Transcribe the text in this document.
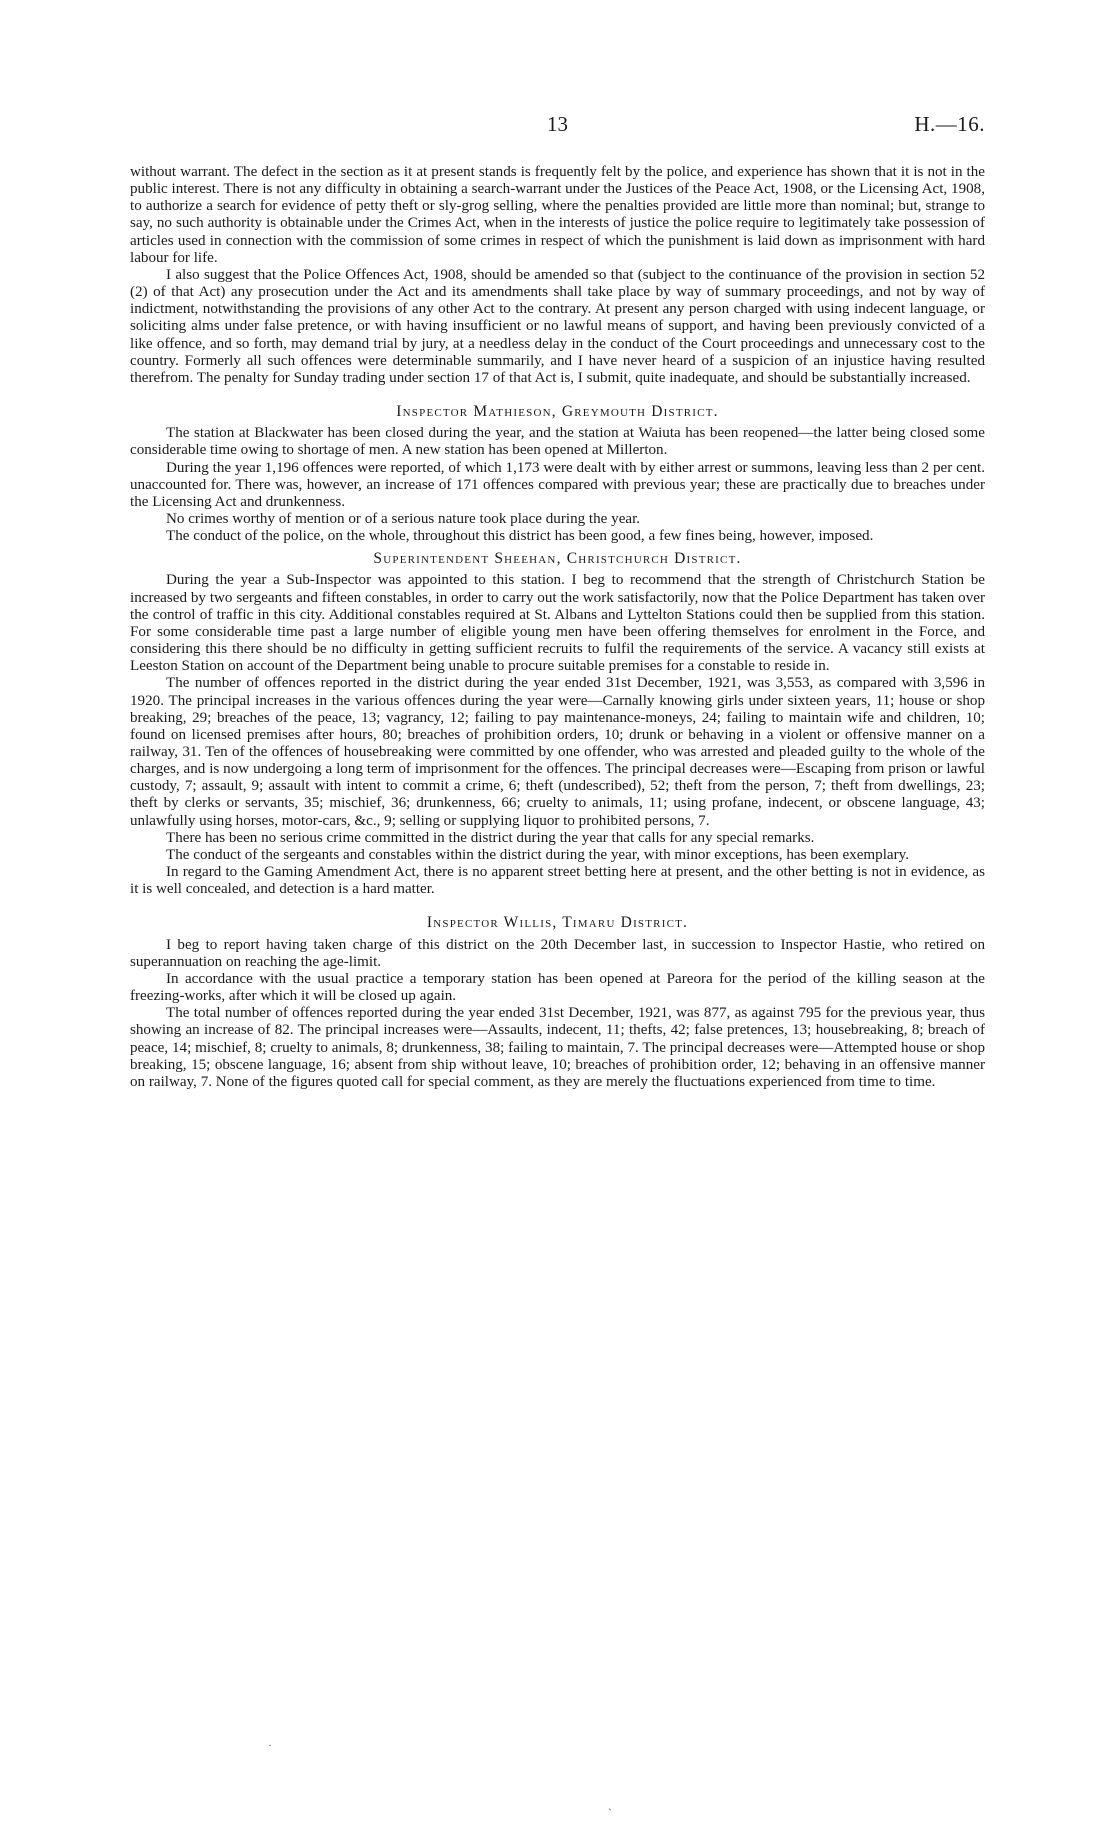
13	H.—16.

without warrant. The defect in the section as it at present stands is frequently felt by the police, and experience has shown that it is not in the public interest. There is not any difficulty in obtaining a search-warrant under the Justices of the Peace Act, 1908, or the Licensing Act, 1908, to authorize a search for evidence of petty theft or sly-grog selling, where the penalties provided are little more than nominal; but, strange to say, no such authority is obtainable under the Crimes Act, when in the interests of justice the police require to legitimately take possession of articles used in connection with the commission of some crimes in respect of which the punishment is laid down as imprisonment with hard labour for life.

I also suggest that the Police Offences Act, 1908, should be amended so that (subject to the continuance of the provision in section 52 (2) of that Act) any prosecution under the Act and its amendments shall take place by way of summary proceedings, and not by way of indictment, notwithstanding the provisions of any other Act to the contrary. At present any person charged with using indecent language, or soliciting alms under false pretence, or with having insufficient or no lawful means of support, and having been previously convicted of a like offence, and so forth, may demand trial by jury, at a needless delay in the conduct of the Court proceedings and unnecessary cost to the country. Formerly all such offences were determinable summarily, and I have never heard of a suspicion of an injustice having resulted therefrom. The penalty for Sunday trading under section 17 of that Act is, I submit, quite inadequate, and should be substantially increased.

Inspector Mathieson, Greymouth District.

The station at Blackwater has been closed during the year, and the station at Waiuta has been reopened—the latter being closed some considerable time owing to shortage of men. A new station has been opened at Millerton.

During the year 1,196 offences were reported, of which 1,173 were dealt with by either arrest or summons, leaving less than 2 per cent. unaccounted for. There was, however, an increase of 171 offences compared with previous year; these are practically due to breaches under the Licensing Act and drunkenness.

No crimes worthy of mention or of a serious nature took place during the year.

The conduct of the police, on the whole, throughout this district has been good, a few fines being, however, imposed.

Superintendent Sheehan, Christchurch District.

During the year a Sub-Inspector was appointed to this station. I beg to recommend that the strength of Christchurch Station be increased by two sergeants and fifteen constables, in order to carry out the work satisfactorily, now that the Police Department has taken over the control of traffic in this city. Additional constables required at St. Albans and Lyttelton Stations could then be supplied from this station. For some considerable time past a large number of eligible young men have been offering themselves for enrolment in the Force, and considering this there should be no difficulty in getting sufficient recruits to fulfil the requirements of the service. A vacancy still exists at Leeston Station on account of the Department being unable to procure suitable premises for a constable to reside in.

The number of offences reported in the district during the year ended 31st December, 1921, was 3,553, as compared with 3,596 in 1920. The principal increases in the various offences during the year were—Carnally knowing girls under sixteen years, 11; house or shop breaking, 29; breaches of the peace, 13; vagrancy, 12; failing to pay maintenance-moneys, 24; failing to maintain wife and children, 10; found on licensed premises after hours, 80; breaches of prohibition orders, 10; drunk or behaving in a violent or offensive manner on a railway, 31. Ten of the offences of housebreaking were committed by one offender, who was arrested and pleaded guilty to the whole of the charges, and is now undergoing a long term of imprisonment for the offences. The principal decreases were—Escaping from prison or lawful custody, 7; assault, 9; assault with intent to commit a crime, 6; theft (undescribed), 52; theft from the person, 7; theft from dwellings, 23; theft by clerks or servants, 35; mischief, 36; drunkenness, 66; cruelty to animals, 11; using profane, indecent, or obscene language, 43; unlawfully using horses, motor-cars, &c., 9; selling or supplying liquor to prohibited persons, 7.

There has been no serious crime committed in the district during the year that calls for any special remarks.

The conduct of the sergeants and constables within the district during the year, with minor exceptions, has been exemplary.

In regard to the Gaming Amendment Act, there is no apparent street betting here at present, and the other betting is not in evidence, as it is well concealed, and detection is a hard matter.

Inspector Willis, Timaru District.

I beg to report having taken charge of this district on the 20th December last, in succession to Inspector Hastie, who retired on superannuation on reaching the age-limit.

In accordance with the usual practice a temporary station has been opened at Pareora for the period of the killing season at the freezing-works, after which it will be closed up again.

The total number of offences reported during the year ended 31st December, 1921, was 877, as against 795 for the previous year, thus showing an increase of 82. The principal increases were—Assaults, indecent, 11; thefts, 42; false pretences, 13; housebreaking, 8; breach of peace, 14; mischief, 8; cruelty to animals, 8; drunkenness, 38; failing to maintain, 7. The principal decreases were—Attempted house or shop breaking, 15; obscene language, 16; absent from ship without leave, 10; breaches of prohibition order, 12; behaving in an offensive manner on railway, 7. None of the figures quoted call for special comment, as they are merely the fluctuations experienced from time to time.

·
ˎ
